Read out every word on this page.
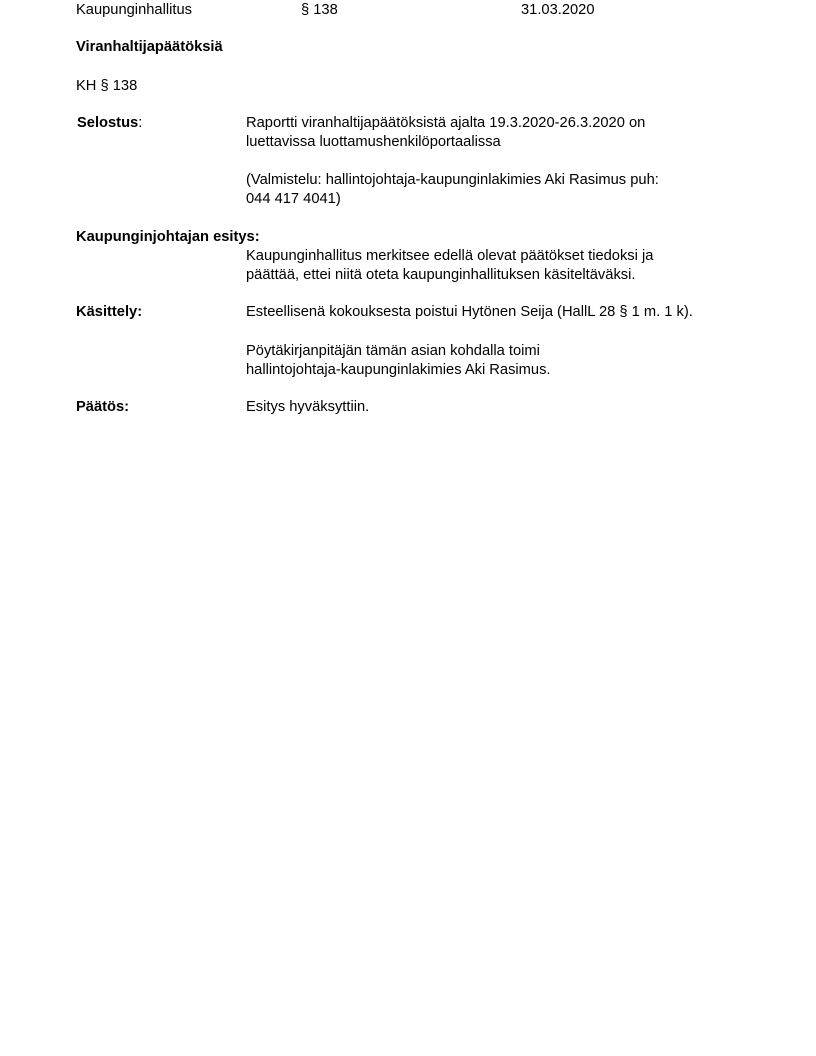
Kaupunginhallitus	§ 138	31.03.2020
Viranhaltijapäätöksiä
KH § 138
Selostus:	Raportti viranhaltijapäätöksistä ajalta 19.3.2020-26.3.2020 on
luettavissa luottamushenkilöportaalissa
(Valmistelu: hallintojohtaja-kaupunginlakimies Aki Rasimus puh:
044 417 4041)
Kaupunginjohtajan esitys:
Kaupunginhallitus merkitsee edellä olevat päätökset tiedoksi ja
päättää, ettei niitä oteta kaupunginhallituksen käsiteltäväksi.
Käsittely:	Esteellisenä kokouksesta poistui Hytönen Seija (HallL 28 § 1 m. 1 k).
Pöytäkirjanpitäjän tämän asian kohdalla toimi
hallintojohtaja-kaupunginlakimies Aki Rasimus.
Päätös:	Esitys hyväksyttiin.
